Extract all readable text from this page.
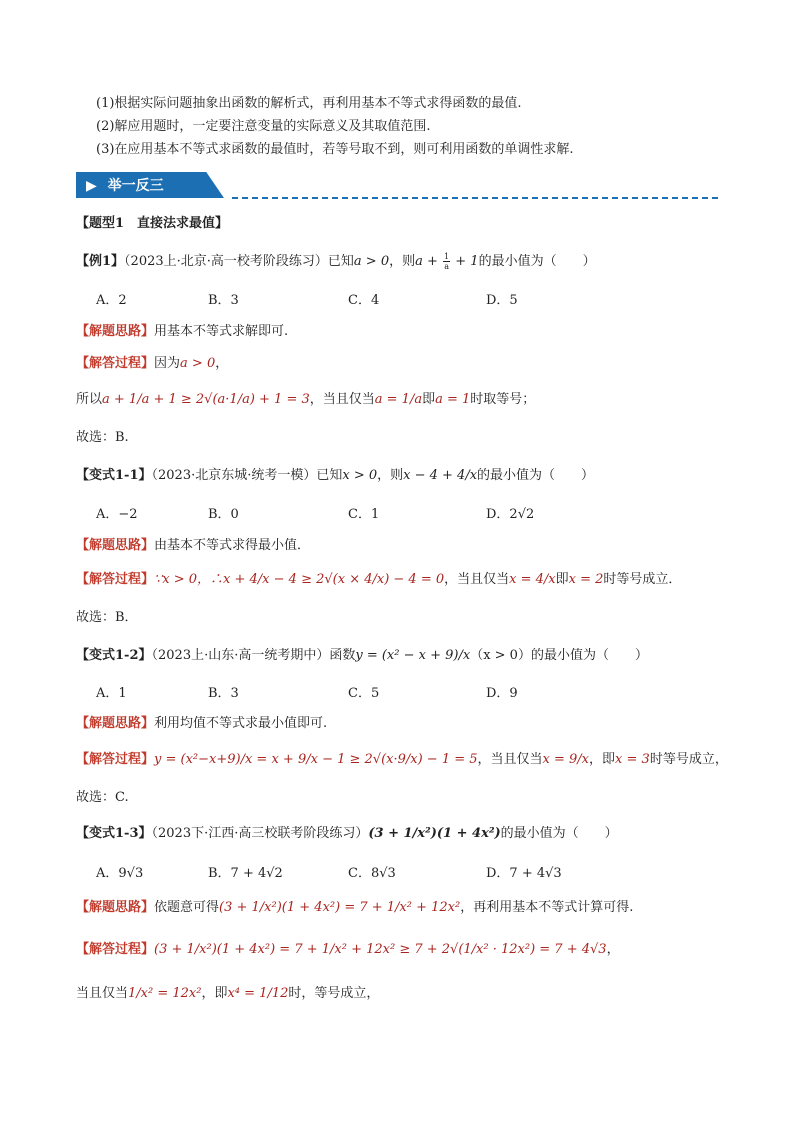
(1)根据实际问题抽象出函数的解析式，再利用基本不等式求得函数的最值.
(2)解应用题时，一定要注意变量的实际意义及其取值范围.
(3)在应用基本不等式求函数的最值时，若等号取不到，则可利用函数的单调性求解.
▶ 举一反三
【题型1　直接法求最值】
【例1】（2023上·北京·高一校考阶段练习）已知a > 0，则$a + \frac{1}{a} + 1$的最小值为（　　）
A．2	B．3	C．4	D．5
【解题思路】用基本不等式求解即可.
【解答过程】因为a > 0，
所以a + 1/a + 1 ≥ 2√(a·1/a) + 1 = 3，当且仅当a = 1/a即a = 1时取等号；
故选：B.
【变式1-1】（2023·北京东城·统考一模）已知x > 0，则x − 4 + 4/x的最小值为（　　）
A．−2	B．0	C．1	D．2√2
【解题思路】由基本不等式求得最小值．
【解答过程】∵x > 0，∴x + 4/x − 4 ≥ 2√(x × 4/x) − 4 = 0，当且仅当x = 4/x即x = 2时等号成立．
故选：B．
【变式1-2】（2023上·山东·高一统考期中）函数y = (x² − x + 9)/x（x > 0）的最小值为（　　）
A．1	B．3	C．5	D．9
【解题思路】利用均值不等式求最小值即可.
【解答过程】y = (x²−x+9)/x = x + 9/x − 1 ≥ 2√(x·9/x) − 1 = 5，当且仅当x = 9/x，即x = 3时等号成立，
故选：C.
【变式1-3】（2023下·江西·高三校联考阶段练习）(3 + 1/x²)(1 + 4x²)的最小值为（　　）
A．9√3	B．7 + 4√2	C．8√3	D．7 + 4√3
【解题思路】依题意可得(3 + 1/x²)(1 + 4x²) = 7 + 1/x² + 12x²，再利用基本不等式计算可得.
【解答过程】(3 + 1/x²)(1 + 4x²) = 7 + 1/x² + 12x² ≥ 7 + 2√(1/x² · 12x²) = 7 + 4√3，
当且仅当1/x² = 12x²，即x⁴ = 1/12时，等号成立，
